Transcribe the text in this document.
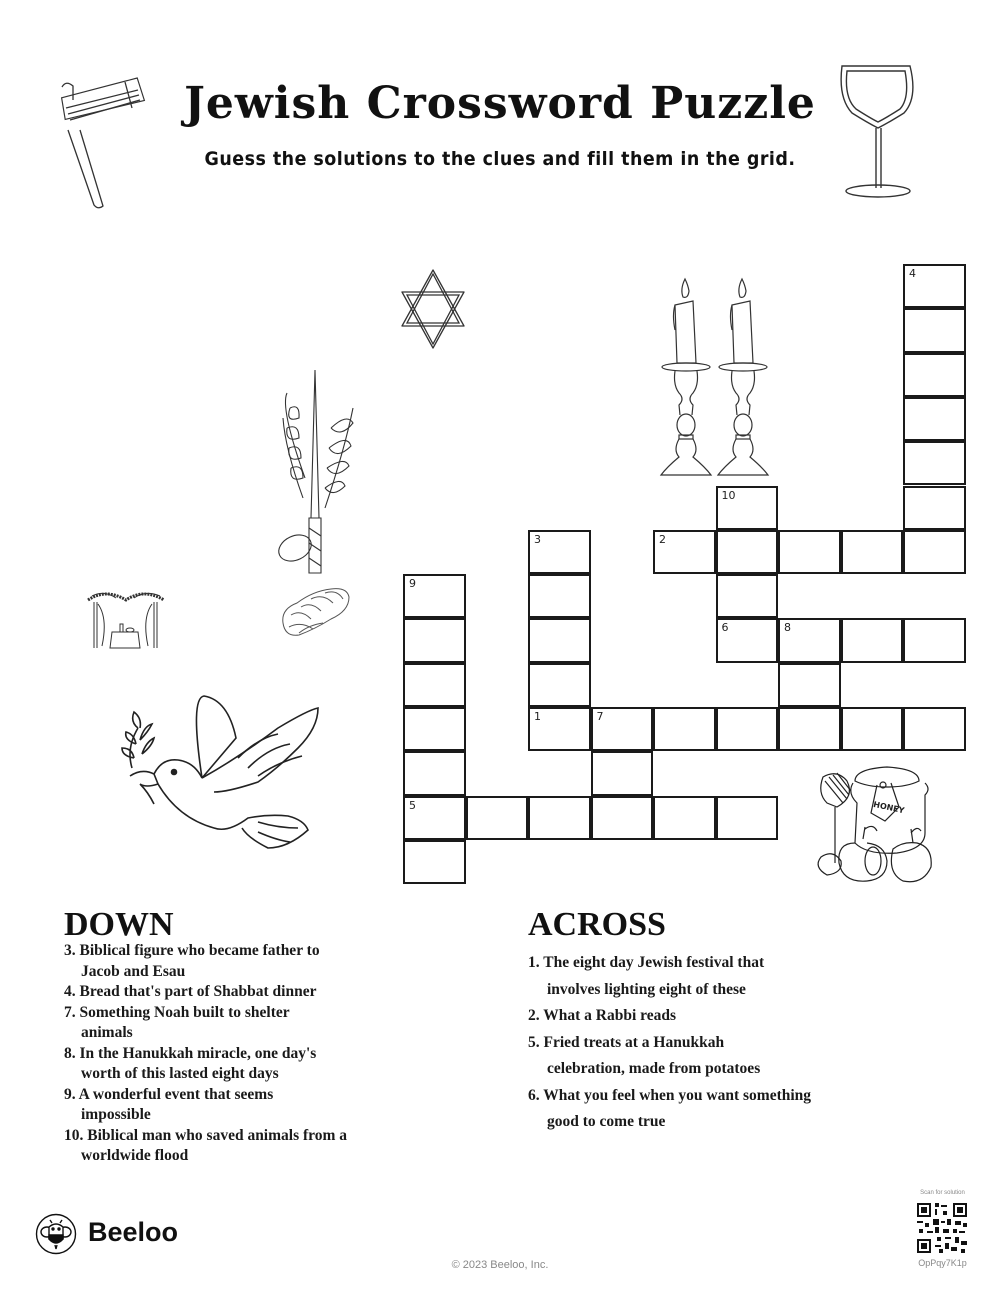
Jewish Crossword Puzzle
Guess the solutions to the clues and fill them in the grid.
HONEY
4
10
6
2
3
1
9
5
8
7
DOWN
3. Biblical figure who became father to
Jacob and Esau
4. Bread that's part of Shabbat dinner
7. Something Noah built to shelter
animals
8. In the Hanukkah miracle, one day's
worth of this lasted eight days
9. A wonderful event that seems
impossible
10. Biblical man who saved animals from a
worldwide flood
ACROSS
1. The eight day Jewish festival that
involves lighting eight of these
2. What a Rabbi reads
5. Fried treats at a Hanukkah
celebration, made from potatoes
6. What you feel when you want something
good to come true
Beeloo
© 2023 Beeloo, Inc.
Scan for solution
OpPqy7K1p
